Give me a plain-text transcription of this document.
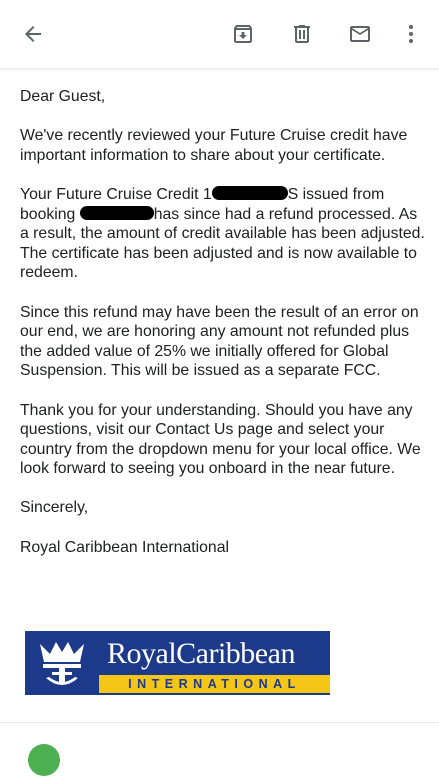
Dear Guest,

We've recently reviewed your Future Cruise credit have important information to share about your certificate.

Your Future Cruise Credit 1	S issued from booking	has since had a refund processed. As a result, the amount of credit available has been adjusted. The certificate has been adjusted and is now available to redeem.

Since this refund may have been the result of an error on our end, we are honoring any amount not refunded plus the added value of 25% we initially offered for Global Suspension. This will be issued as a separate FCC.

Thank you for your understanding. Should you have any questions, visit our Contact Us page and select your country from the dropdown menu for your local office. We look forward to seeing you onboard in the near future.

Sincerely,

Royal Caribbean International

RoyalCaribbean
INTERNATIONAL
